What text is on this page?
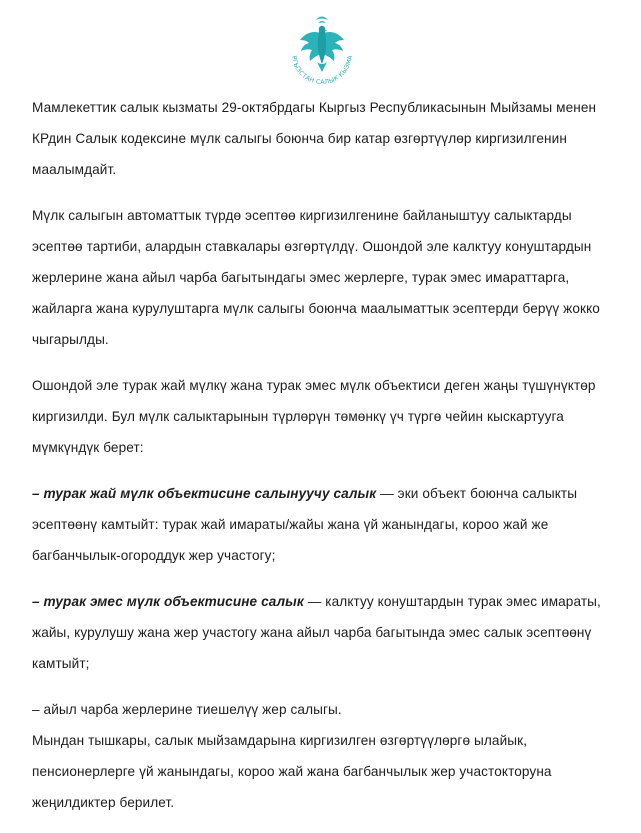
РГЫЗСТАН САЛЫК КЫЗМА

Мамлекеттик салык кызматы 29-октябрдагы Кыргыз Республикасынын Мыйзамы менен КРдин Салык кодексине мүлк салыгы боюнча бир катар өзгөртүүлөр киргизилгенин маалымдайт.

Мүлк салыгын автоматтык түрдө эсептөө киргизилгенине байланыштуу салыктарды эсептөө тартиби, алардын ставкалары өзгөртүлдү. Ошондой эле калктуу конуштардын жерлерине жана айыл чарба багытындагы эмес жерлерге, турак эмес имараттарга, жайларга жана курулуштарга мүлк салыгы боюнча маалыматтык эсептерди берүү жокко чыгарылды.

Ошондой эле турак жай мүлкү жана турак эмес мүлк объектиси деген жаңы түшүнүктөр киргизилди. Бул мүлк салыктарынын түрлөрүн төмөнкү үч түргө чейин кыскартууга мүмкүндүк берет:

– турак жай мүлк объектисине салынуучу салык — эки объект боюнча салыкты эсептөөнү камтыйт: турак жай имараты/жайы жана үй жанындагы, короо жай же багбанчылык-огороддук жер участогу;

– турак эмес мүлк объектисине салык — калктуу конуштардын турак эмес имараты, жайы, курулушу жана жер участогу жана айыл чарба багытында эмес салык эсептөөнү камтыйт;

– айыл чарба жерлерине тиешелүү жер салыгы.

Мындан тышкары, салык мыйзамдарына киргизилген өзгөртүүлөргө ылайык, пенсионерлерге үй жанындагы, короо жай жана багбанчылык жер участокторуна жеңилдиктер берилет.
